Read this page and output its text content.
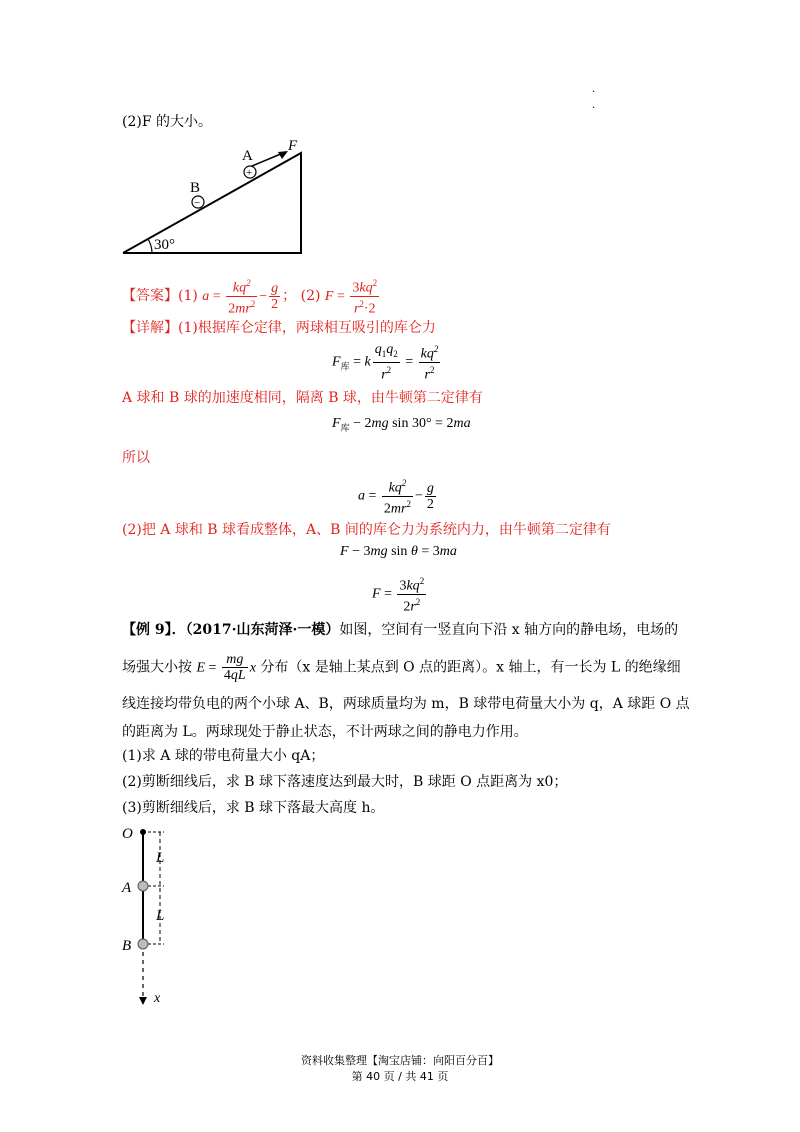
.
.
(2)F 的大小。
+
−
A
B
F
30°
【答案】(1) $a = \frac{kq^2}{2mr^2} - \frac{g}{2}$ ； (2) $F = \frac{3kq^2}{r^2\cdot 2}$
【详解】(1)根据库仑定律，两球相互吸引的库仑力
$F_库 = k \frac{q_1q_2}{r^2} = \frac{kq^2}{r^2}$
A 球和 B 球的加速度相同，隔离 B 球，由牛顿第二定律有
$F_库 - 2mg$ sin 30° = 2ma
所以
$a = \frac{kq^2}{2mr^2} - \frac{g}{2}$
(2)把 A 球和 B 球看成整体，A、B 间的库仑力为系统内力，由牛顿第二定律有
F − 3mg sin θ = 3ma
$F = \frac{3kq^2}{2r^2}$
【例 9】．（2017·山东菏泽·一模）如图，空间有一竖直向下沿 x 轴方向的静电场，电场的
场强大小按 $E = \frac{mg}{4qL}$ x 分布（x 是轴上某点到 O 点的距离）。x 轴上，有一长为 L 的绝缘细
线连接均带负电的两个小球 A、B，两球质量均为 m，B 球带电荷量大小为 q，A 球距 O 点
的距离为 L。两球现处于静止状态，不计两球之间的静电力作用。
(1)求 A 球的带电荷量大小 qA；
(2)剪断细线后，求 B 球下落速度达到最大时，B 球距 O 点距离为 x0；
(3)剪断细线后，求 B 球下落最大高度 h。
O
A
B
L
L
x
资料收集整理【淘宝店铺：向阳百分百】
第 40 页 / 共 41 页
